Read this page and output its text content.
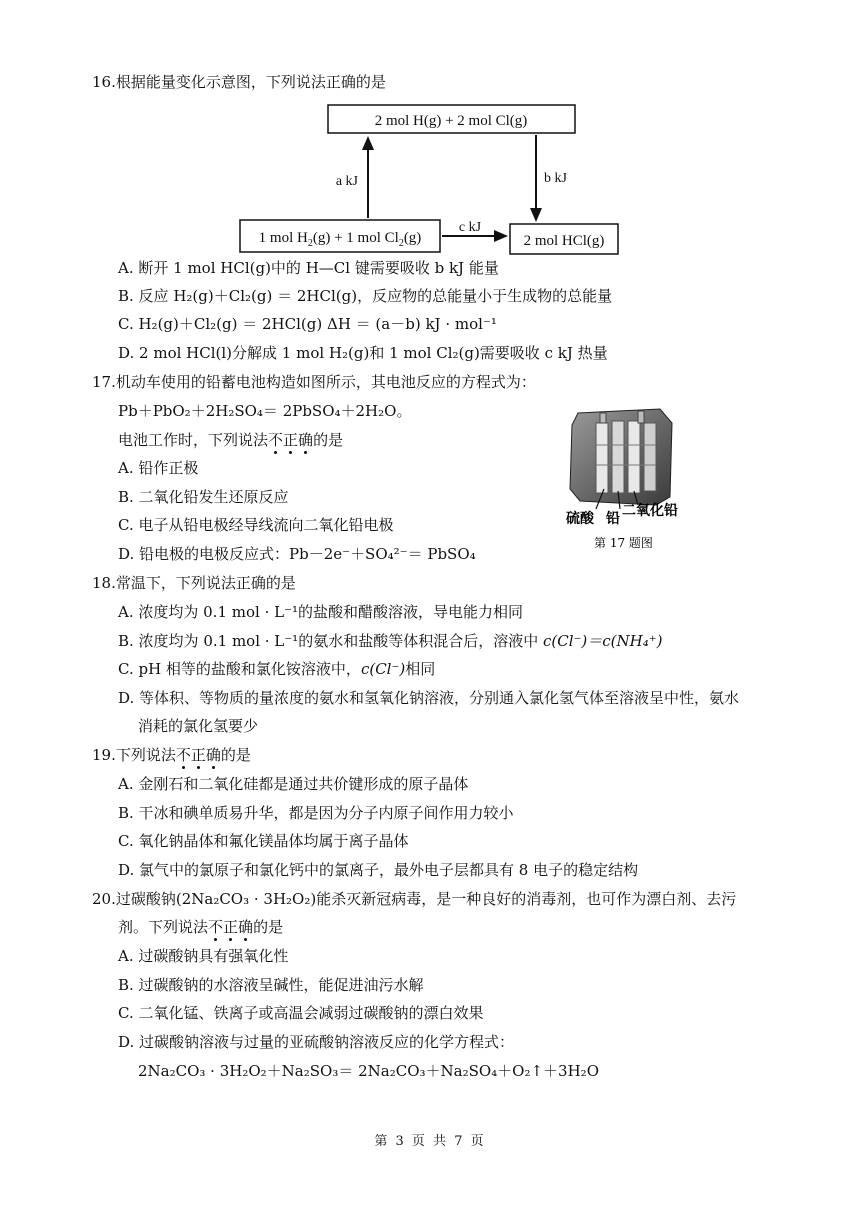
16.根据能量变化示意图，下列说法正确的是
2 mol H(g) + 2 mol Cl(g)
1 mol $H_2(g) + 1$ mol $Cl_2(g)$	2 mol HCl(g)
a kJ	b kJ
c kJ
A. 断开 1 mol HCl(g)中的 H—Cl 键需要吸收 b kJ 能量
B. 反应 H₂(g)＋Cl₂(g) ＝ 2HCl(g)，反应物的总能量小于生成物的总能量
C. H₂(g)＋Cl₂(g) ＝ 2HCl(g) ΔH ＝ (a－b) kJ · mol⁻¹
D. 2 mol HCl(l)分解成 1 mol H₂(g)和 1 mol Cl₂(g)需要吸收 c kJ 热量
17.机动车使用的铅蓄电池构造如图所示，其电池反应的方程式为：
Pb＋PbO₂＋2H₂SO₄＝ 2PbSO₄＋2H₂O。
电池工作时，下列说法不正确的是
A. 铅作正极
B. 二氧化铅发生还原反应
C. 电子从铅电极经导线流向二氧化铅电极
D. 铅电极的电极反应式：Pb－2e⁻＋SO₄²⁻＝ PbSO₄
硫酸 铅 二氧化铅
第 17 题图
18.常温下，下列说法正确的是
A. 浓度均为 0.1 mol · L⁻¹的盐酸和醋酸溶液，导电能力相同
B. 浓度均为 0.1 mol · L⁻¹的氨水和盐酸等体积混合后，溶液中 c(Cl⁻)＝c(NH₄⁺)
C. pH 相等的盐酸和氯化铵溶液中，c(Cl⁻)相同
D. 等体积、等物质的量浓度的氨水和氢氧化钠溶液，分别通入氯化氢气体至溶液呈中性，氨水
消耗的氯化氢要少
19.下列说法不正确的是
A. 金刚石和二氧化硅都是通过共价键形成的原子晶体
B. 干冰和碘单质易升华，都是因为分子内原子间作用力较小
C. 氧化钠晶体和氟化镁晶体均属于离子晶体
D. 氯气中的氯原子和氯化钙中的氯离子，最外电子层都具有 8 电子的稳定结构
20.过碳酸钠(2Na₂CO₃ · 3H₂O₂)能杀灭新冠病毒，是一种良好的消毒剂，也可作为漂白剂、去污
剂。下列说法不正确的是
A. 过碳酸钠具有强氧化性
B. 过碳酸钠的水溶液呈碱性，能促进油污水解
C. 二氧化锰、铁离子或高温会减弱过碳酸钠的漂白效果
D. 过碳酸钠溶液与过量的亚硫酸钠溶液反应的化学方程式：
2Na₂CO₃ · 3H₂O₂＋Na₂SO₃＝ 2Na₂CO₃＋Na₂SO₄＋O₂↑＋3H₂O
第 3 页 共 7 页
